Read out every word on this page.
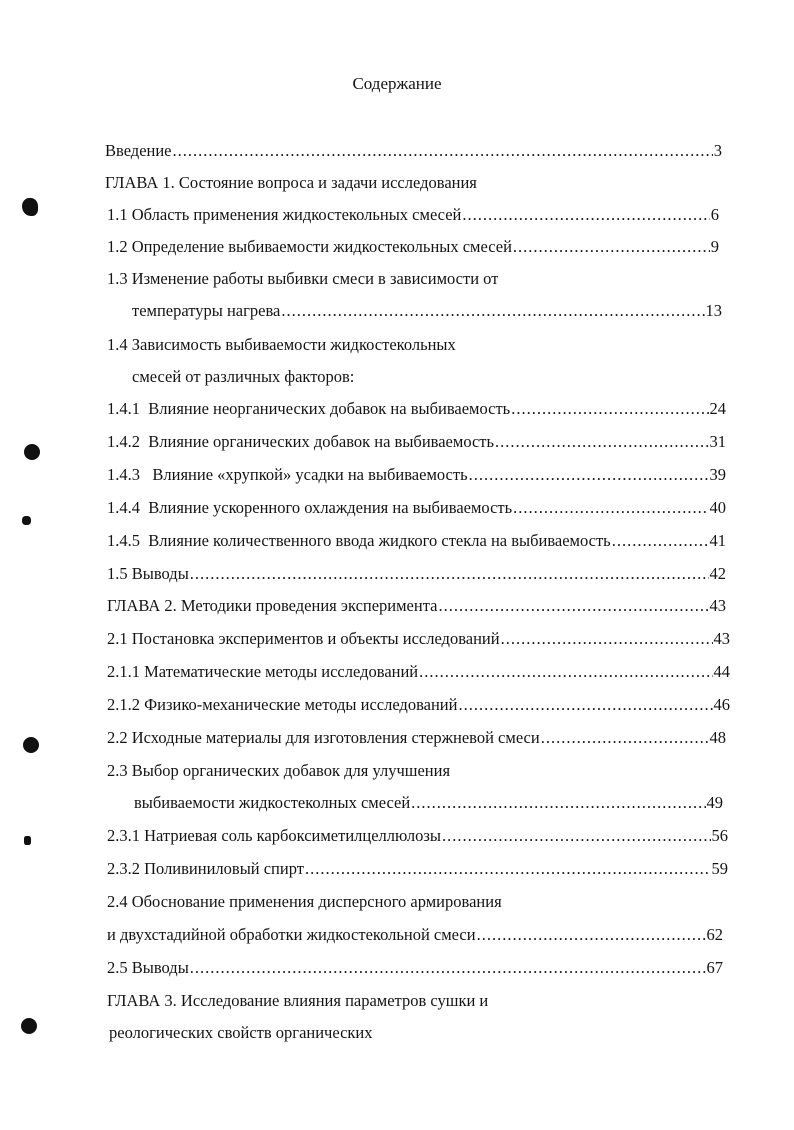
Содержание
Введение .....	3
ГЛАВА 1. Состояние вопроса и задачи исследования
1.1 Область применения жидкостекольных смесей .....	6
1.2 Определение выбиваемости жидкостекольных смесей .....	9
1.3 Изменение работы выбивки смеси в зависимости от
температуры нагрева .....	13
1.4 Зависимость выбиваемости жидкостекольных
смесей от различных факторов:
1.4.1  Влияние неорганических добавок на выбиваемость .....	24
1.4.2  Влияние органических добавок на выбиваемость .....	31
1.4.3   Влияние «хрупкой» усадки на выбиваемость .....	39
1.4.4  Влияние ускоренного охлаждения на выбиваемость .....	40
1.4.5  Влияние количественного ввода жидкого стекла на выбиваемость .....	41
1.5 Выводы .....	42
ГЛАВА 2. Методики проведения эксперимента .....	43
2.1 Постановка экспериментов и объекты исследований .....	43
2.1.1 Математические методы исследований .....	44
2.1.2 Физико-механические методы исследований .....	46
2.2 Исходные материалы для изготовления стержневой смеси .....	48
2.3 Выбор органических добавок для улучшения
выбиваемости жидкостеколных смесей .....	49
2.3.1 Натриевая соль карбоксиметилцеллюлозы .....	56
2.3.2 Поливиниловый спирт .....	59
2.4 Обоснование применения дисперсного армирования
и двухстадийной обработки жидкостекольной смеси .....	62
2.5 Выводы .....	67
ГЛАВА 3. Исследование влияния параметров сушки и
реологических свойств органических
